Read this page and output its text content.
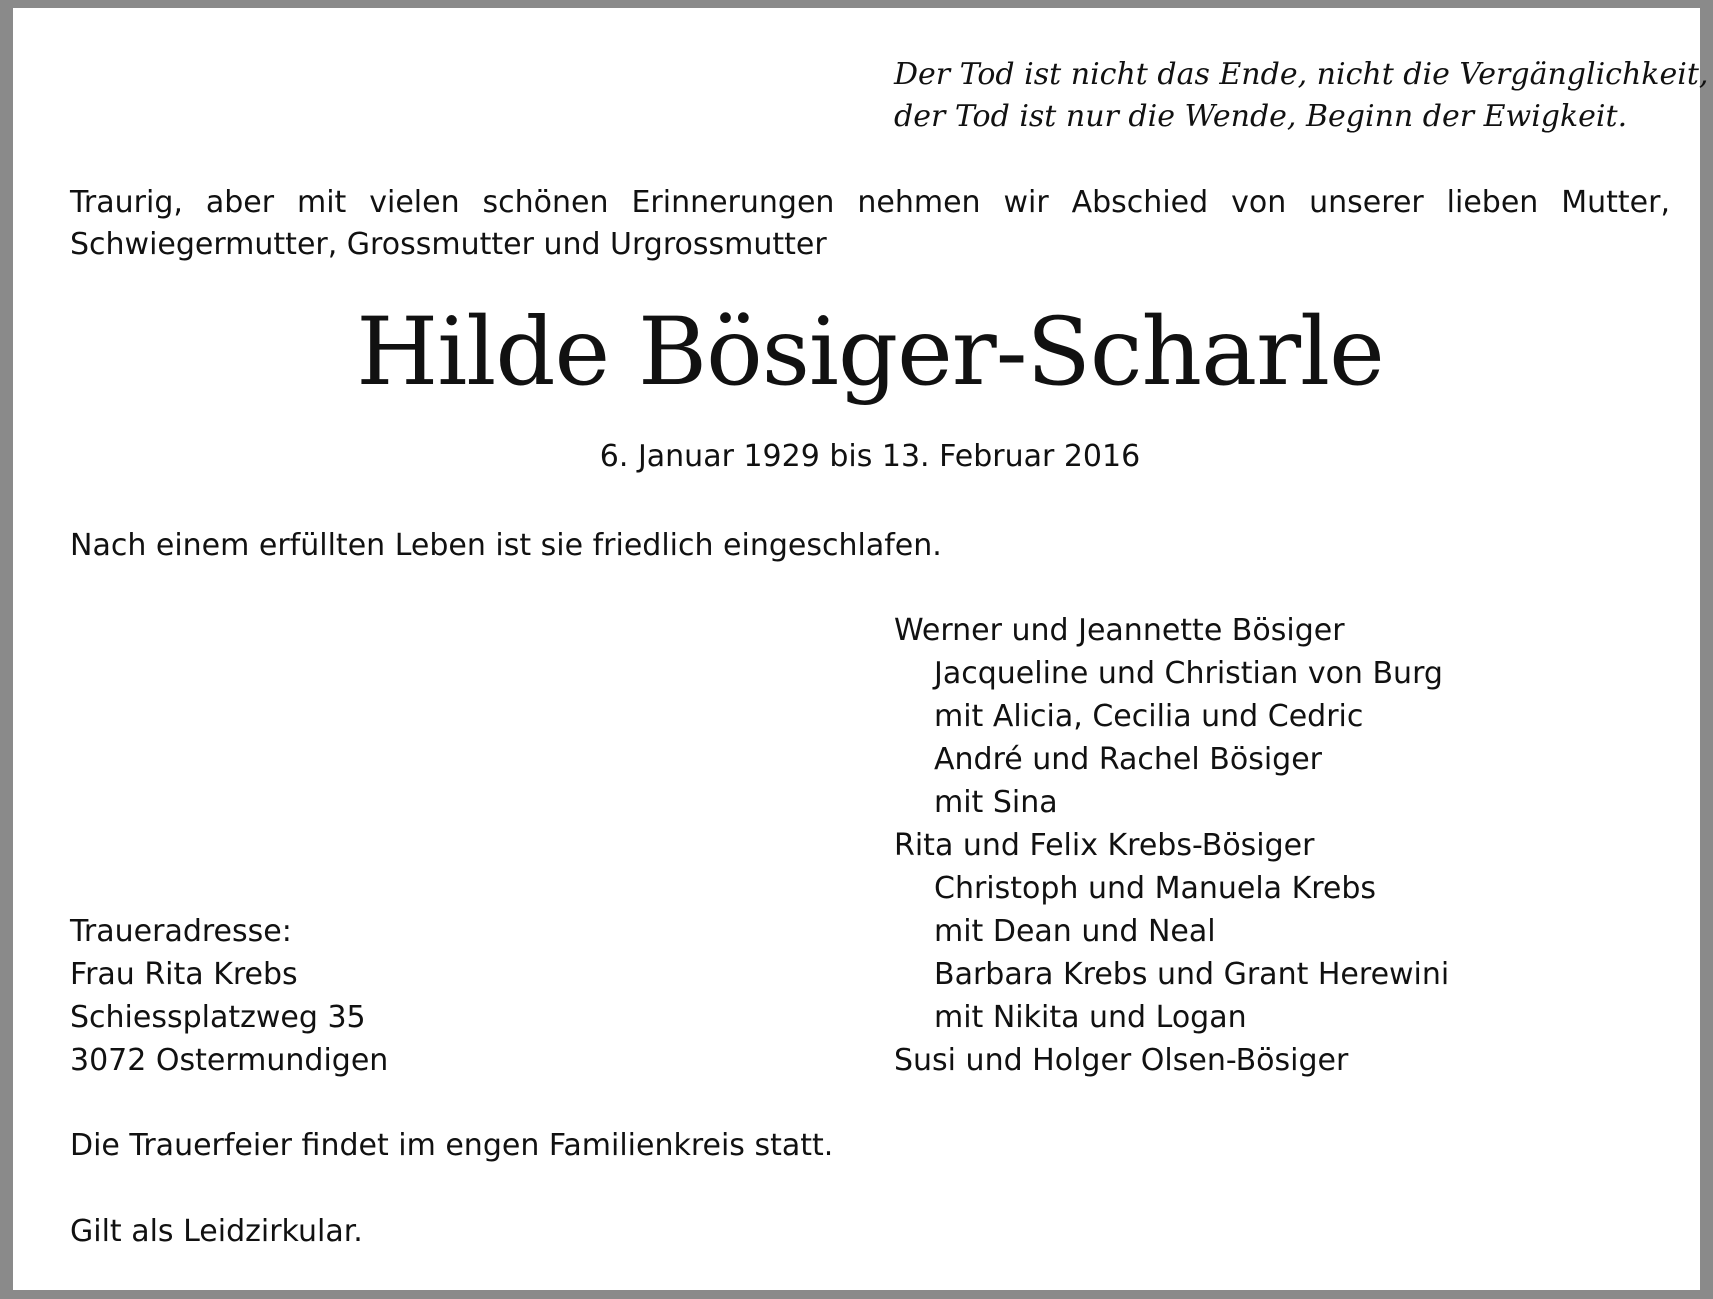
Der Tod ist nicht das Ende, nicht die Vergänglichkeit,
der Tod ist nur die Wende, Beginn der Ewigkeit.
Traurig, aber mit vielen schönen Erinnerungen nehmen wir Abschied von unserer lieben Mutter,
Schwiegermutter, Grossmutter und Urgrossmutter
Hilde Bösiger-Scharle
6. Januar 1929 bis 13. Februar 2016
Nach einem erfüllten Leben ist sie friedlich eingeschlafen.
Werner und Jeannette Bösiger
Jacqueline und Christian von Burg
mit Alicia, Cecilia und Cedric
André und Rachel Bösiger
mit Sina
Rita und Felix Krebs-Bösiger
Christoph und Manuela Krebs
mit Dean und Neal
Barbara Krebs und Grant Herewini
mit Nikita und Logan
Susi und Holger Olsen-Bösiger
Traueradresse:
Frau Rita Krebs
Schiessplatzweg 35
3072 Ostermundigen
Die Trauerfeier findet im engen Familienkreis statt.
Gilt als Leidzirkular.
